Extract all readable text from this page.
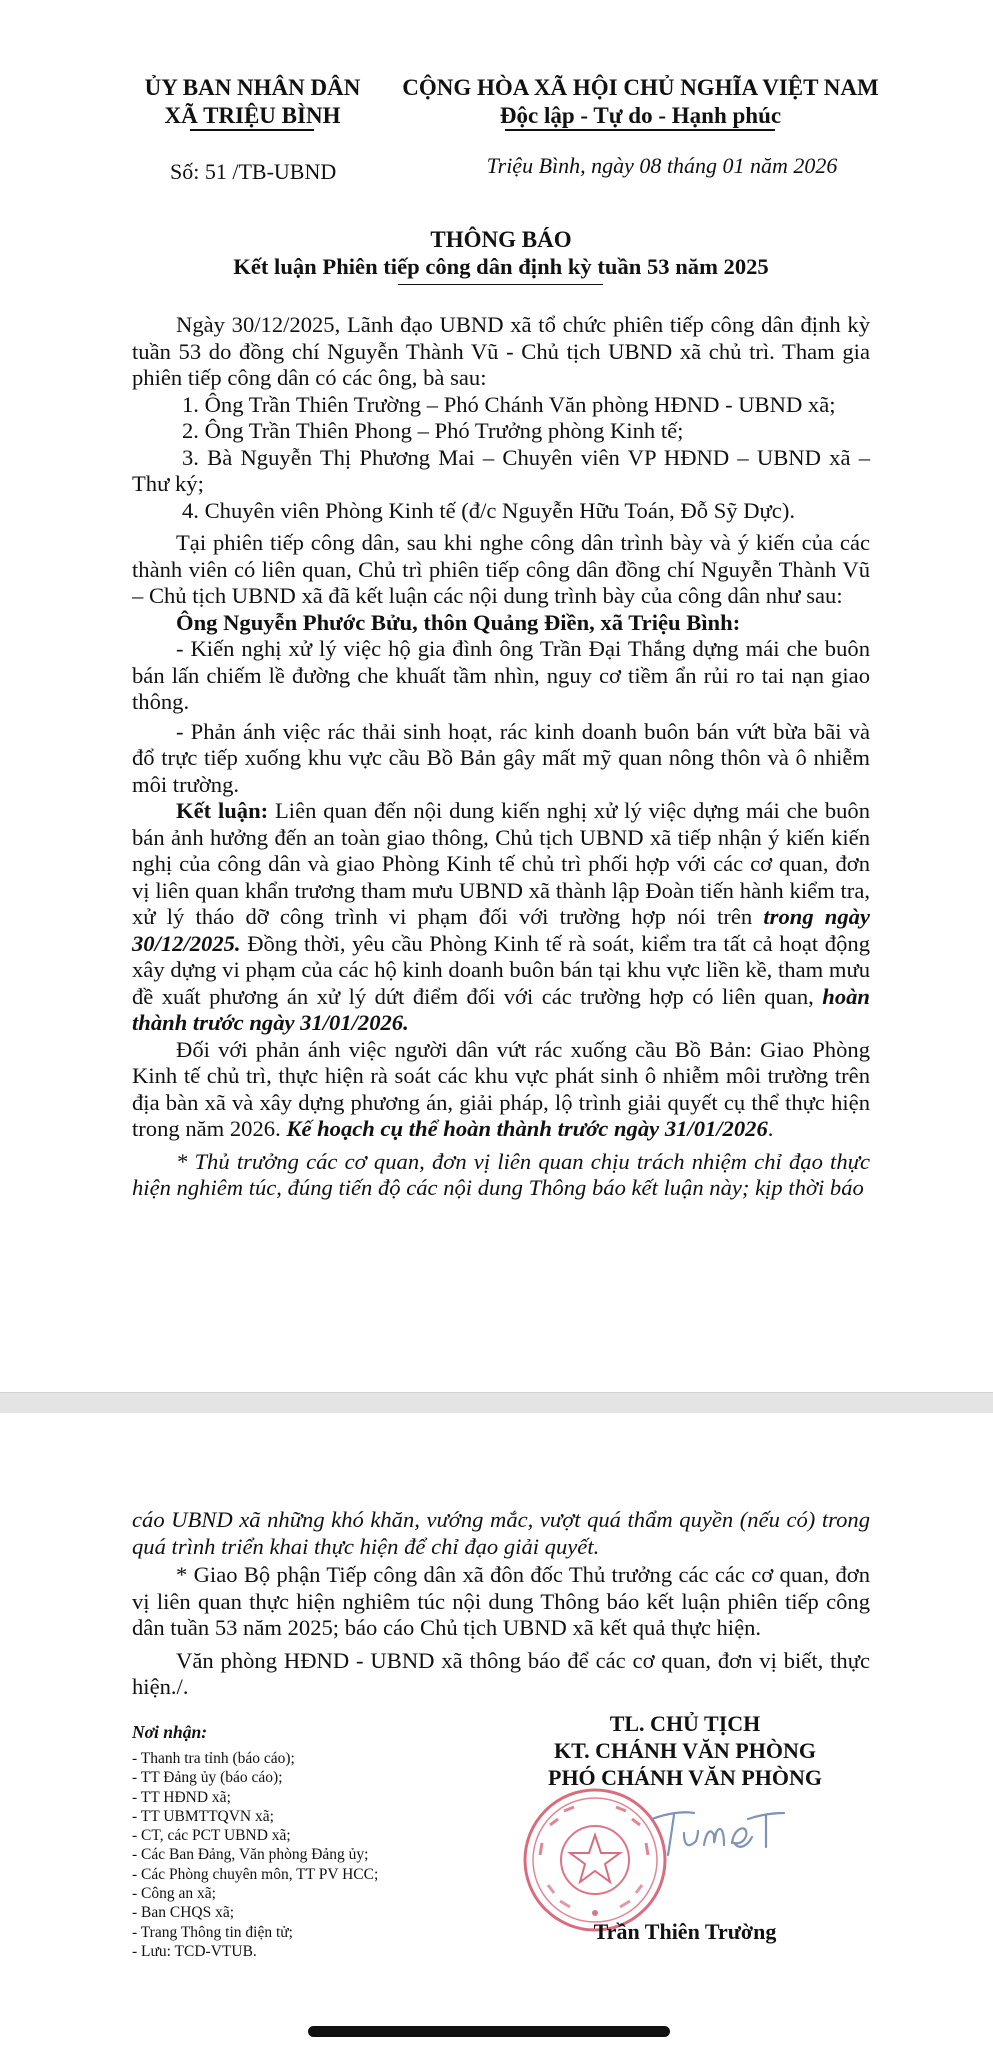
ỦY BAN NHÂN DÂN
XÃ TRIỆU BÌNH
CỘNG HÒA XÃ HỘI CHỦ NGHĨA VIỆT NAM
Độc lập - Tự do - Hạnh phúc
Số: 51 /TB-UBND	Triệu Bình, ngày 08 tháng 01 năm 2026
THÔNG BÁO
Kết luận Phiên tiếp công dân định kỳ tuần 53 năm 2025

Ngày 30/12/2025, Lãnh đạo UBND xã tổ chức phiên tiếp công dân định kỳ tuần 53 do đồng chí Nguyễn Thành Vũ - Chủ tịch UBND xã chủ trì. Tham gia phiên tiếp công dân có các ông, bà sau:

1. Ông Trần Thiên Trường – Phó Chánh Văn phòng HĐND - UBND xã;

2. Ông Trần Thiên Phong – Phó Trưởng phòng Kinh tế;

3. Bà Nguyễn Thị Phương Mai – Chuyên viên VP HĐND – UBND xã – Thư ký;

4. Chuyên viên Phòng Kinh tế (đ/c Nguyễn Hữu Toán, Đỗ Sỹ Dực).

Tại phiên tiếp công dân, sau khi nghe công dân trình bày và ý kiến của các thành viên có liên quan, Chủ trì phiên tiếp công dân đồng chí Nguyễn Thành Vũ – Chủ tịch UBND xã đã kết luận các nội dung trình bày của công dân như sau:

Ông Nguyễn Phước Bửu, thôn Quảng Điền, xã Triệu Bình:

- Kiến nghị xử lý việc hộ gia đình ông Trần Đại Thắng dựng mái che buôn bán lấn chiếm lề đường che khuất tầm nhìn, nguy cơ tiềm ẩn rủi ro tai nạn giao thông.

- Phản ánh việc rác thải sinh hoạt, rác kinh doanh buôn bán vứt bừa bãi và đổ trực tiếp xuống khu vực cầu Bồ Bản gây mất mỹ quan nông thôn và ô nhiễm môi trường.

Kết luận: Liên quan đến nội dung kiến nghị xử lý việc dựng mái che buôn bán ảnh hưởng đến an toàn giao thông, Chủ tịch UBND xã tiếp nhận ý kiến kiến nghị của công dân và giao Phòng Kinh tế chủ trì phối hợp với các cơ quan, đơn vị liên quan khẩn trương tham mưu UBND xã thành lập Đoàn tiến hành kiểm tra, xử lý tháo dỡ công trình vi phạm đối với trường hợp nói trên trong ngày 30/12/2025. Đồng thời, yêu cầu Phòng Kinh tế rà soát, kiểm tra tất cả hoạt động xây dựng vi phạm của các hộ kinh doanh buôn bán tại khu vực liền kề, tham mưu đề xuất phương án xử lý dứt điểm đối với các trường hợp có liên quan, hoàn thành trước ngày 31/01/2026.

Đối với phản ánh việc người dân vứt rác xuống cầu Bồ Bản: Giao Phòng Kinh tế chủ trì, thực hiện rà soát các khu vực phát sinh ô nhiễm môi trường trên địa bàn xã và xây dựng phương án, giải pháp, lộ trình giải quyết cụ thể thực hiện trong năm 2026. Kế hoạch cụ thể hoàn thành trước ngày 31/01/2026.

* Thủ trưởng các cơ quan, đơn vị liên quan chịu trách nhiệm chỉ đạo thực hiện nghiêm túc, đúng tiến độ các nội dung Thông báo kết luận này; kịp thời báo

cáo UBND xã những khó khăn, vướng mắc, vượt quá thẩm quyền (nếu có) trong quá trình triển khai thực hiện để chỉ đạo giải quyết.

* Giao Bộ phận Tiếp công dân xã đôn đốc Thủ trưởng các các cơ quan, đơn vị liên quan thực hiện nghiêm túc nội dung Thông báo kết luận phiên tiếp công dân tuần 53 năm 2025; báo cáo Chủ tịch UBND xã kết quả thực hiện.

Văn phòng HĐND - UBND xã thông báo để các cơ quan, đơn vị biết, thực hiện./.

Nơi nhận:
- Thanh tra tỉnh (báo cáo);
- TT Đảng ủy (báo cáo);
- TT HĐND xã;
- TT UBMTTQVN xã;
- CT, các PCT UBND xã;
- Các Ban Đảng, Văn phòng Đảng ủy;
- Các Phòng chuyên môn, TT PV HCC;
- Công an xã;
- Ban CHQS xã;
- Trang Thông tin điện tử;
- Lưu: TCD-VTUB.
TL. CHỦ TỊCH
KT. CHÁNH VĂN PHÒNG
PHÓ CHÁNH VĂN PHÒNG
Trần Thiên Trường
